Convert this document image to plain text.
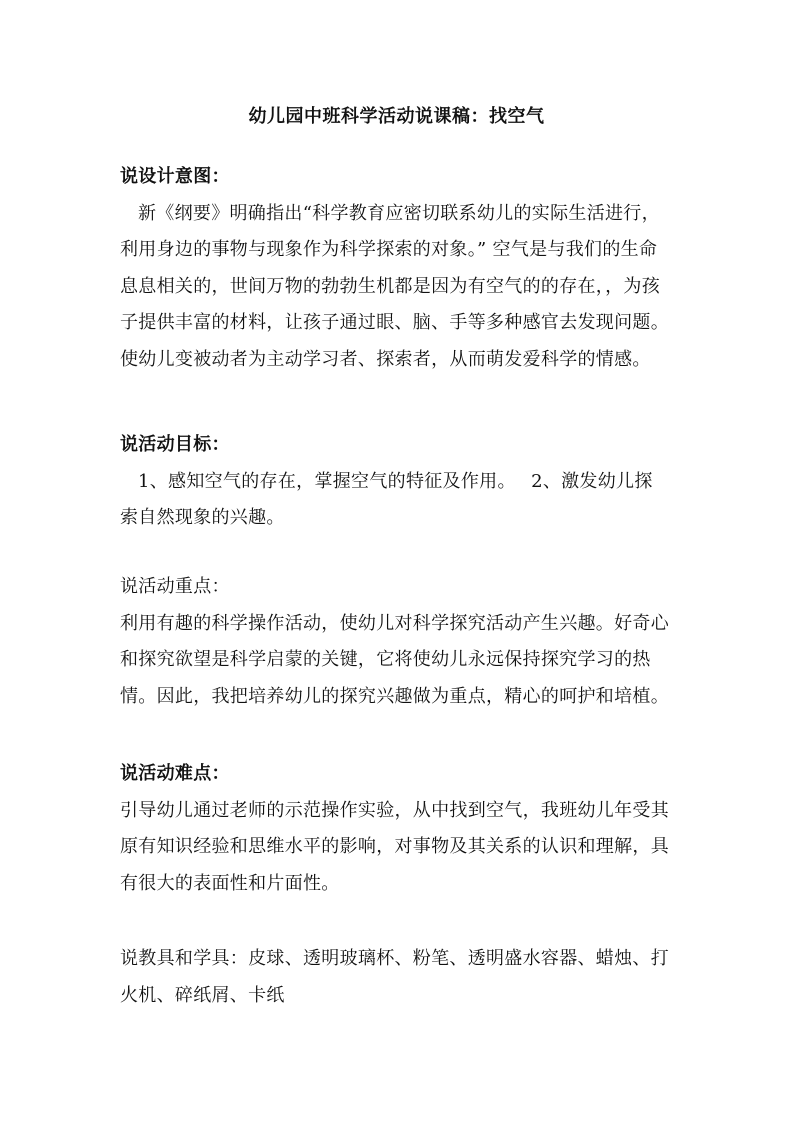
幼儿园中班科学活动说课稿：找空气
说设计意图：
新《纲要》明确指出“科学教育应密切联系幼儿的实际生活进行，
利用身边的事物与现象作为科学探索的对象。” 空气是与我们的生命
息息相关的，世间万物的勃勃生机都是因为有空气的的存在，，为孩
子提供丰富的材料，让孩子通过眼、脑、手等多种感官去发现问题。
使幼儿变被动者为主动学习者、探索者，从而萌发爱科学的情感。
说活动目标：
1、感知空气的存在，掌握空气的特征及作用。　 2、激发幼儿探
索自然现象的兴趣。
说活动重点：
利用有趣的科学操作活动，使幼儿对科学探究活动产生兴趣。好奇心
和探究欲望是科学启蒙的关键，它将使幼儿永远保持探究学习的热
情。因此，我把培养幼儿的探究兴趣做为重点，精心的呵护和培植。
说活动难点：
引导幼儿通过老师的示范操作实验，从中找到空气，我班幼儿年受其
原有知识经验和思维水平的影响，对事物及其关系的认识和理解，具
有很大的表面性和片面性。
说教具和学具：皮球、透明玻璃杯、粉笔、透明盛水容器、蜡烛、打
火机、碎纸屑、卡纸
